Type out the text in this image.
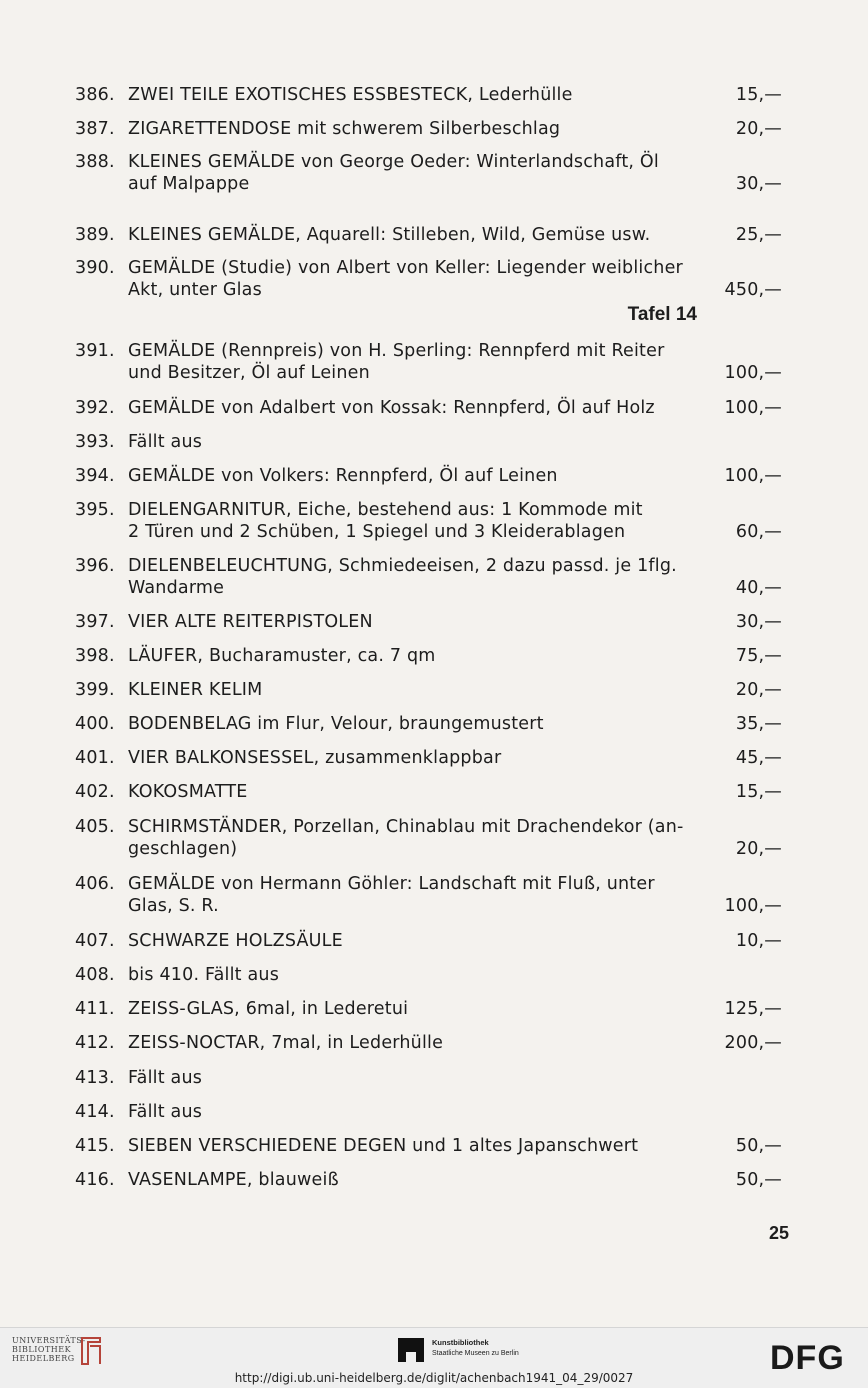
386. ZWEI TEILE EXOTISCHES ESSBESTECK, Lederhülle	15,—
387. ZIGARETTENDOSE mit schwerem Silberbeschlag	20,—
388. KLEINES GEMÄLDE von George Oeder: Winterlandschaft, Öl
auf Malpappe	30,—
389. KLEINES GEMÄLDE, Aquarell: Stilleben, Wild, Gemüse usw.	25,—
390. GEMÄLDE (Studie) von Albert von Keller: Liegender weiblicher
Akt, unter Glas	450,—
Tafel 14
391. GEMÄLDE (Rennpreis) von H. Sperling: Rennpferd mit Reiter
und Besitzer, Öl auf Leinen	100,—
392. GEMÄLDE von Adalbert von Kossak: Rennpferd, Öl auf Holz	100,—
393. Fällt aus
394. GEMÄLDE von Volkers: Rennpferd, Öl auf Leinen	100,—
395. DIELENGARNITUR, Eiche, bestehend aus: 1 Kommode mit
2 Türen und 2 Schüben, 1 Spiegel und 3 Kleiderablagen	60,—
396. DIELENBELEUCHTUNG, Schmiedeeisen, 2 dazu passd. je 1flg.
Wandarme	40,—
397. VIER ALTE REITERPISTOLEN	30,—
398. LÄUFER, Bucharamuster, ca. 7 qm	75,—
399. KLEINER KELIM	20,—
400. BODENBELAG im Flur, Velour, braungemustert	35,—
401. VIER BALKONSESSEL, zusammenklappbar	45,—
402. KOKOSMATTE	15,—
405. SCHIRMSTÄNDER, Porzellan, Chinablau mit Drachendekor (an-
geschlagen)	20,—
406. GEMÄLDE von Hermann Göhler: Landschaft mit Fluß, unter
Glas, S. R.	100,—
407. SCHWARZE HOLZSÄULE	10,—
408. bis 410. Fällt aus
411. ZEISS-GLAS, 6mal, in Lederetui	125,—
412. ZEISS-NOCTAR, 7mal, in Lederhülle	200,—
413. Fällt aus
414. Fällt aus
415. SIEBEN VERSCHIEDENE DEGEN und 1 altes Japanschwert	50,—
416. VASENLAMPE, blauweiß	50,—
25
UNIVERSITÄTS-
BIBLIOTHEK
HEIDELBERG
Kunstbibliothek
Staatliche Museen zu Berlin	DFG
http://digi.ub.uni-heidelberg.de/diglit/achenbach1941_04_29/0027
